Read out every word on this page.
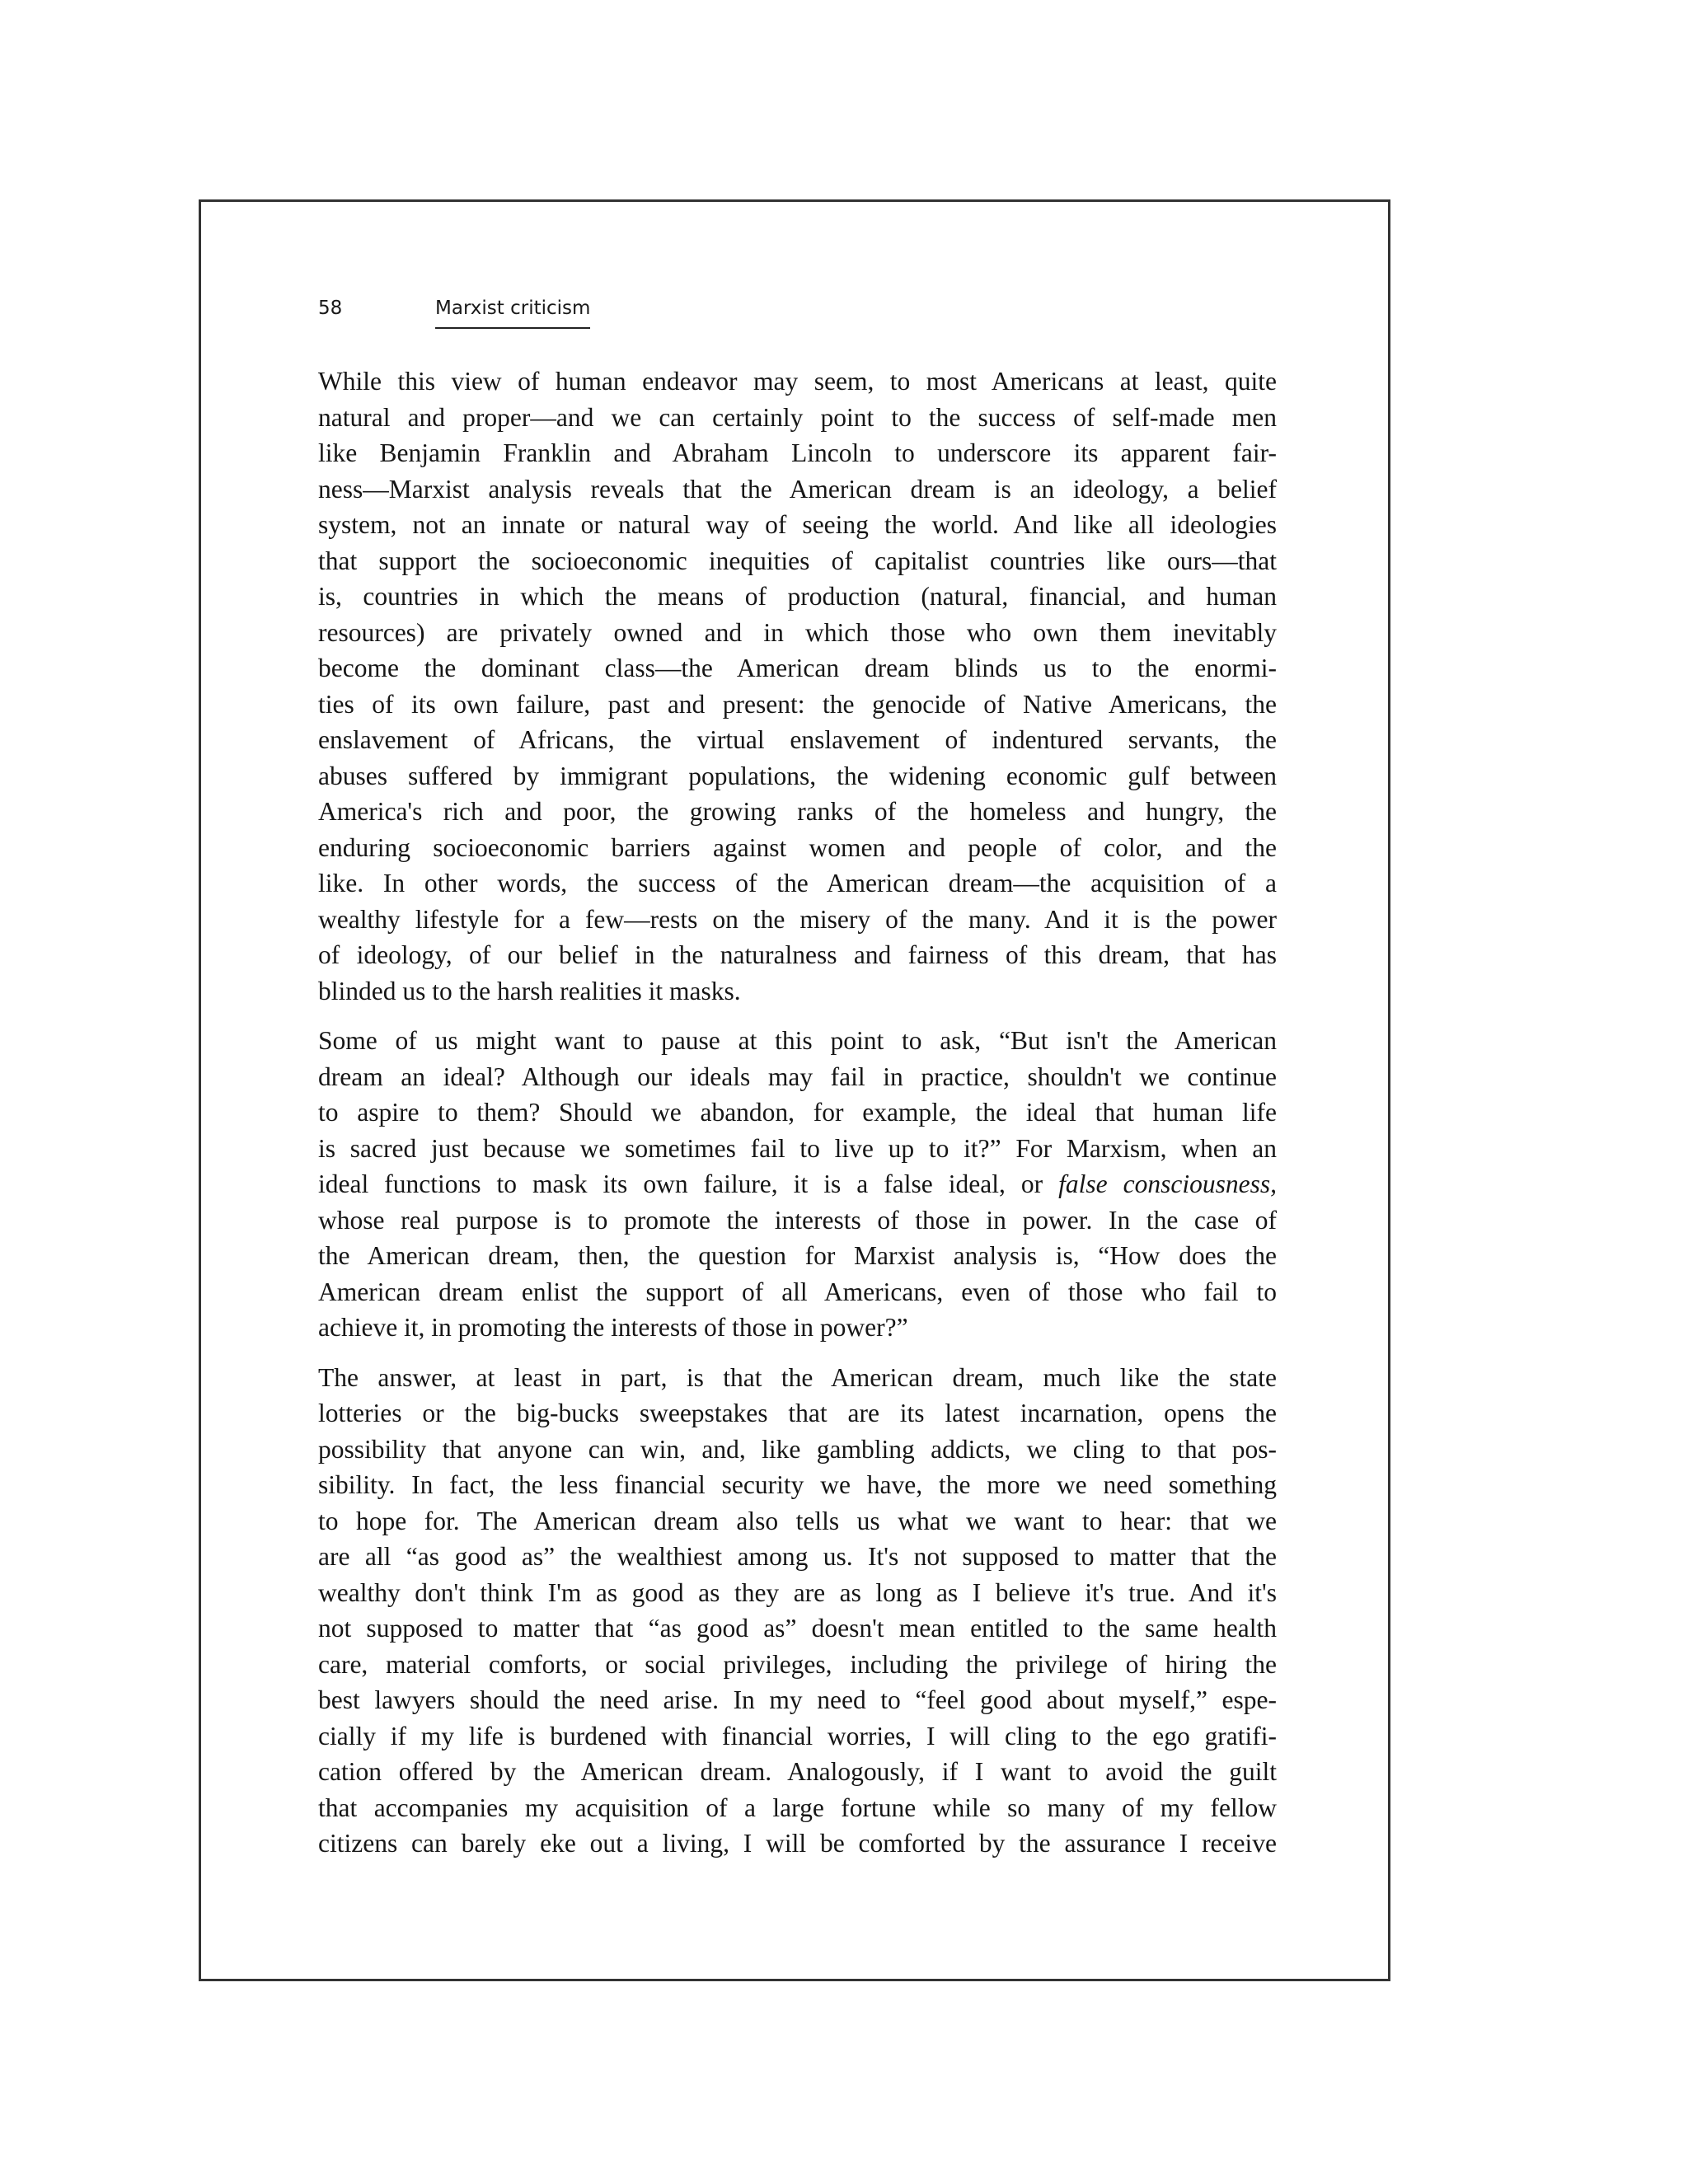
58	Marxist criticism

While this view of human endeavor may seem, to most Americans at least, quite
natural and proper—and we can certainly point to the success of self-made men
like Benjamin Franklin and Abraham Lincoln to underscore its apparent fair-
ness—Marxist analysis reveals that the American dream is an ideology, a belief
system, not an innate or natural way of seeing the world. And like all ideologies
that support the socioeconomic inequities of capitalist countries like ours—that
is, countries in which the means of production (natural, financial, and human
resources) are privately owned and in which those who own them inevitably
become the dominant class—the American dream blinds us to the enormi-
ties of its own failure, past and present: the genocide of Native Americans, the
enslavement of Africans, the virtual enslavement of indentured servants, the
abuses suffered by immigrant populations, the widening economic gulf between
America's rich and poor, the growing ranks of the homeless and hungry, the
enduring socioeconomic barriers against women and people of color, and the
like. In other words, the success of the American dream—the acquisition of a
wealthy lifestyle for a few—rests on the misery of the many. And it is the power
of ideology, of our belief in the naturalness and fairness of this dream, that has
blinded us to the harsh realities it masks.

Some of us might want to pause at this point to ask, “But isn't the American
dream an ideal? Although our ideals may fail in practice, shouldn't we continue
to aspire to them? Should we abandon, for example, the ideal that human life
is sacred just because we sometimes fail to live up to it?” For Marxism, when an
ideal functions to mask its own failure, it is a false ideal, or false consciousness,
whose real purpose is to promote the interests of those in power. In the case of
the American dream, then, the question for Marxist analysis is, “How does the
American dream enlist the support of all Americans, even of those who fail to
achieve it, in promoting the interests of those in power?”

The answer, at least in part, is that the American dream, much like the state
lotteries or the big-bucks sweepstakes that are its latest incarnation, opens the
possibility that anyone can win, and, like gambling addicts, we cling to that pos-
sibility. In fact, the less financial security we have, the more we need something
to hope for. The American dream also tells us what we want to hear: that we
are all “as good as” the wealthiest among us. It's not supposed to matter that the
wealthy don't think I'm as good as they are as long as I believe it's true. And it's
not supposed to matter that “as good as” doesn't mean entitled to the same health
care, material comforts, or social privileges, including the privilege of hiring the
best lawyers should the need arise. In my need to “feel good about myself,” espe-
cially if my life is burdened with financial worries, I will cling to the ego gratifi-
cation offered by the American dream. Analogously, if I want to avoid the guilt
that accompanies my acquisition of a large fortune while so many of my fellow
citizens can barely eke out a living, I will be comforted by the assurance I receive
